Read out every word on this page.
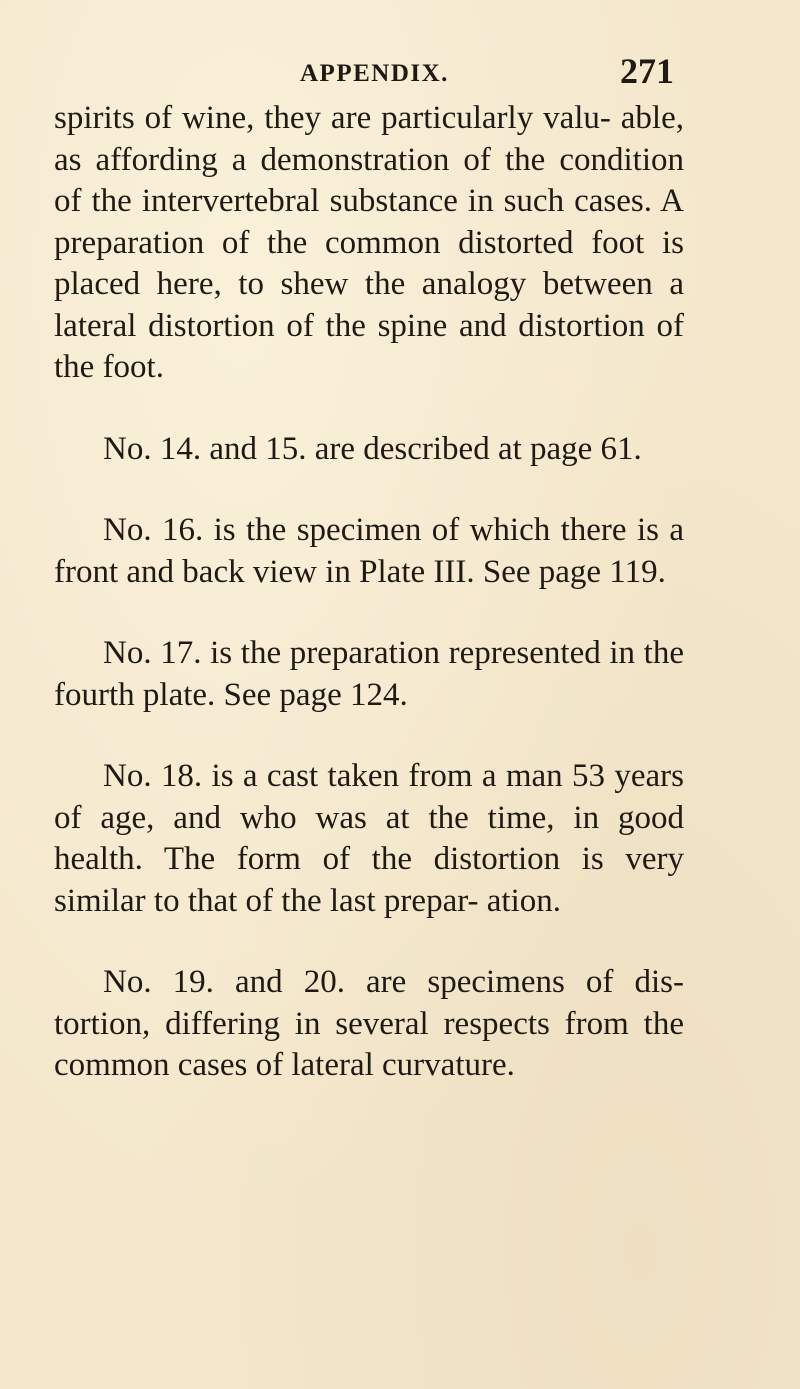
APPENDIX.	271

spirits of wine, they are particularly valu- able, as affording a demonstration of the condition of the intervertebral substance in such cases. A preparation of the common distorted foot is placed here, to shew the analogy between a lateral distortion of the spine and distortion of the foot.

No. 14. and 15. are described at page 61.

No. 16. is the specimen of which there is a front and back view in Plate III. See page 119.

No. 17. is the preparation represented in the fourth plate. See page 124.

No. 18. is a cast taken from a man 53 years of age, and who was at the time, in good health. The form of the distortion is very similar to that of the last prepar- ation.

No. 19. and 20. are specimens of dis- tortion, differing in several respects from the common cases of lateral curvature.
